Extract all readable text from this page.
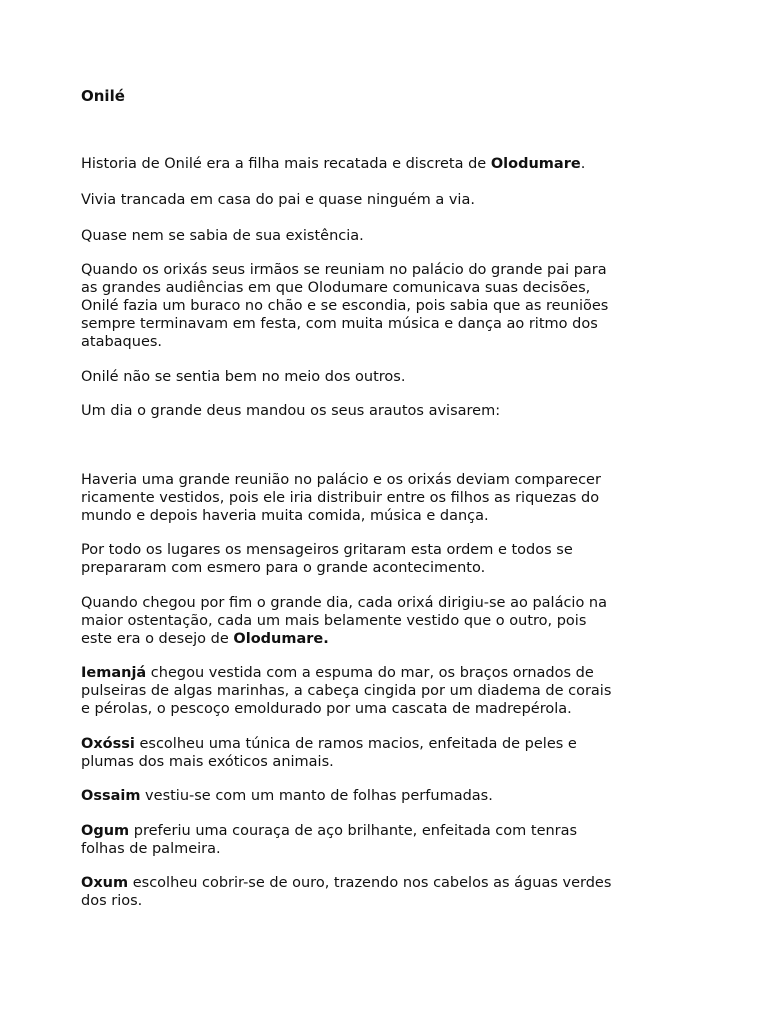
Onilé

Historia de Onilé era a filha mais recatada e discreta de Olodumare.

Vivia trancada em casa do pai e quase ninguém a via.

Quase nem se sabia de sua existência.

Quando os orixás seus irmãos se reuniam no palácio do grande pai para
as grandes audiências em que Olodumare comunicava suas decisões,
Onilé fazia um buraco no chão e se escondia, pois sabia que as reuniões
sempre terminavam em festa, com muita música e dança ao ritmo dos
atabaques.

Onilé não se sentia bem no meio dos outros.

Um dia o grande deus mandou os seus arautos avisarem:

Haveria uma grande reunião no palácio e os orixás deviam comparecer
ricamente vestidos, pois ele iria distribuir entre os filhos as riquezas do
mundo e depois haveria muita comida, música e dança.

Por todo os lugares os mensageiros gritaram esta ordem e todos se
prepararam com esmero para o grande acontecimento.

Quando chegou por fim o grande dia, cada orixá dirigiu-se ao palácio na
maior ostentação, cada um mais belamente vestido que o outro, pois
este era o desejo de Olodumare.

Iemanjá chegou vestida com a espuma do mar, os braços ornados de
pulseiras de algas marinhas, a cabeça cingida por um diadema de corais
e pérolas, o pescoço emoldurado por uma cascata de madrepérola.

Oxóssi escolheu uma túnica de ramos macios, enfeitada de peles e
plumas dos mais exóticos animais.

Ossaim vestiu-se com um manto de folhas perfumadas.

Ogum preferiu uma couraça de aço brilhante, enfeitada com tenras
folhas de palmeira.

Oxum escolheu cobrir-se de ouro, trazendo nos cabelos as águas verdes
dos rios.
